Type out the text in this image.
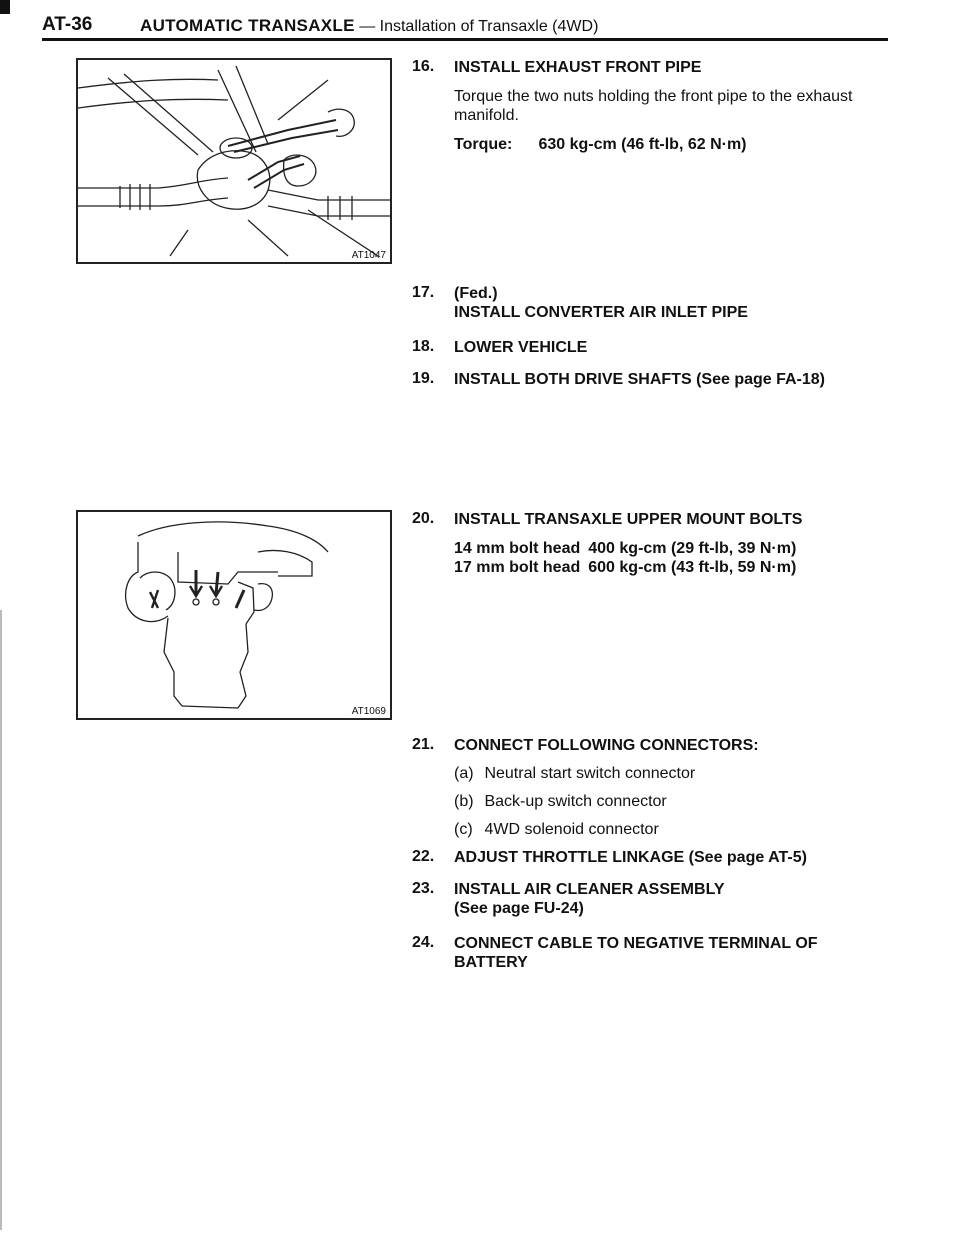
AT-36	AUTOMATIC TRANSAXLE — Installation of Transaxle (4WD)
AT1047
AT1069
16. INSTALL EXHAUST FRONT PIPE
Torque the two nuts holding the front pipe to the exhaust manifold.
Torque: 630 kg-cm (46 ft-lb, 62 N·m)
17. (Fed.)
INSTALL CONVERTER AIR INLET PIPE
18. LOWER VEHICLE
19. INSTALL BOTH DRIVE SHAFTS (See page FA-18)
20. INSTALL TRANSAXLE UPPER MOUNT BOLTS
14 mm bolt head	400 kg-cm (29 ft-lb, 39 N·m)
17 mm bolt head	600 kg-cm (43 ft-lb, 59 N·m)
21. CONNECT FOLLOWING CONNECTORS:
(a) Neutral start switch connector
(b) Back-up switch connector
(c) 4WD solenoid connector
22. ADJUST THROTTLE LINKAGE (See page AT-5)
23. INSTALL AIR CLEANER ASSEMBLY
(See page FU-24)
24. CONNECT CABLE TO NEGATIVE TERMINAL OF
BATTERY
